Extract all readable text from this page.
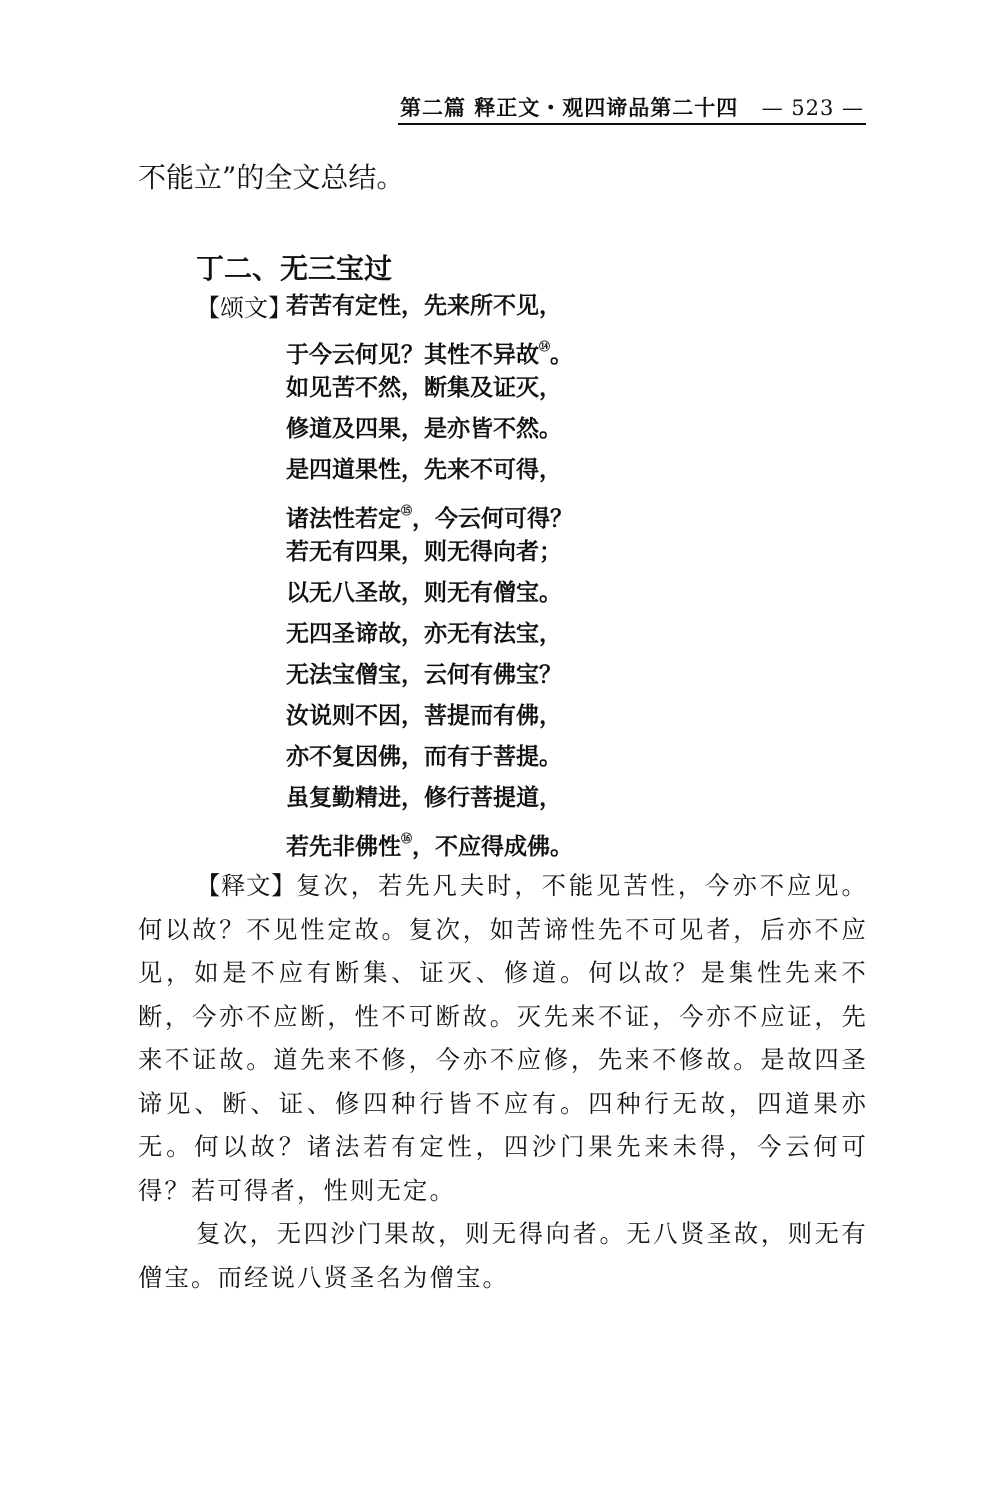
第二篇 释正文・观四谛品第二十四 — 523 —
不能立”的全文总结。
丁二、无三宝过
【颂文】
若苦有定性，先来所不见，
于今云何见？其性不异故⑭。
如见苦不然，断集及证灭，
修道及四果，是亦皆不然。
是四道果性，先来不可得，
诸法性若定⑮，今云何可得？
若无有四果，则无得向者；
以无八圣故，则无有僧宝。
无四圣谛故，亦无有法宝，
无法宝僧宝，云何有佛宝？
汝说则不因，菩提而有佛，
亦不复因佛，而有于菩提。
虽复勤精进，修行菩提道，
若先非佛性⑯，不应得成佛。

【释文】复次，若先凡夫时，不能见苦性，今亦不应见。何以故？不见性定故。复次，如苦谛性先不可见者，后亦不应见，如是不应有断集、证灭、修道。何以故？是集性先来不断，今亦不应断，性不可断故。灭先来不证，今亦不应证，先来不证故。道先来不修，今亦不应修，先来不修故。是故四圣谛见、断、证、修四种行皆不应有。四种行无故，四道果亦无。何以故？诸法若有定性，四沙门果先来未得，今云何可得？若可得者，性则无定。

复次，无四沙门果故，则无得向者。无八贤圣故，则无有僧宝。而经说八贤圣名为僧宝。
